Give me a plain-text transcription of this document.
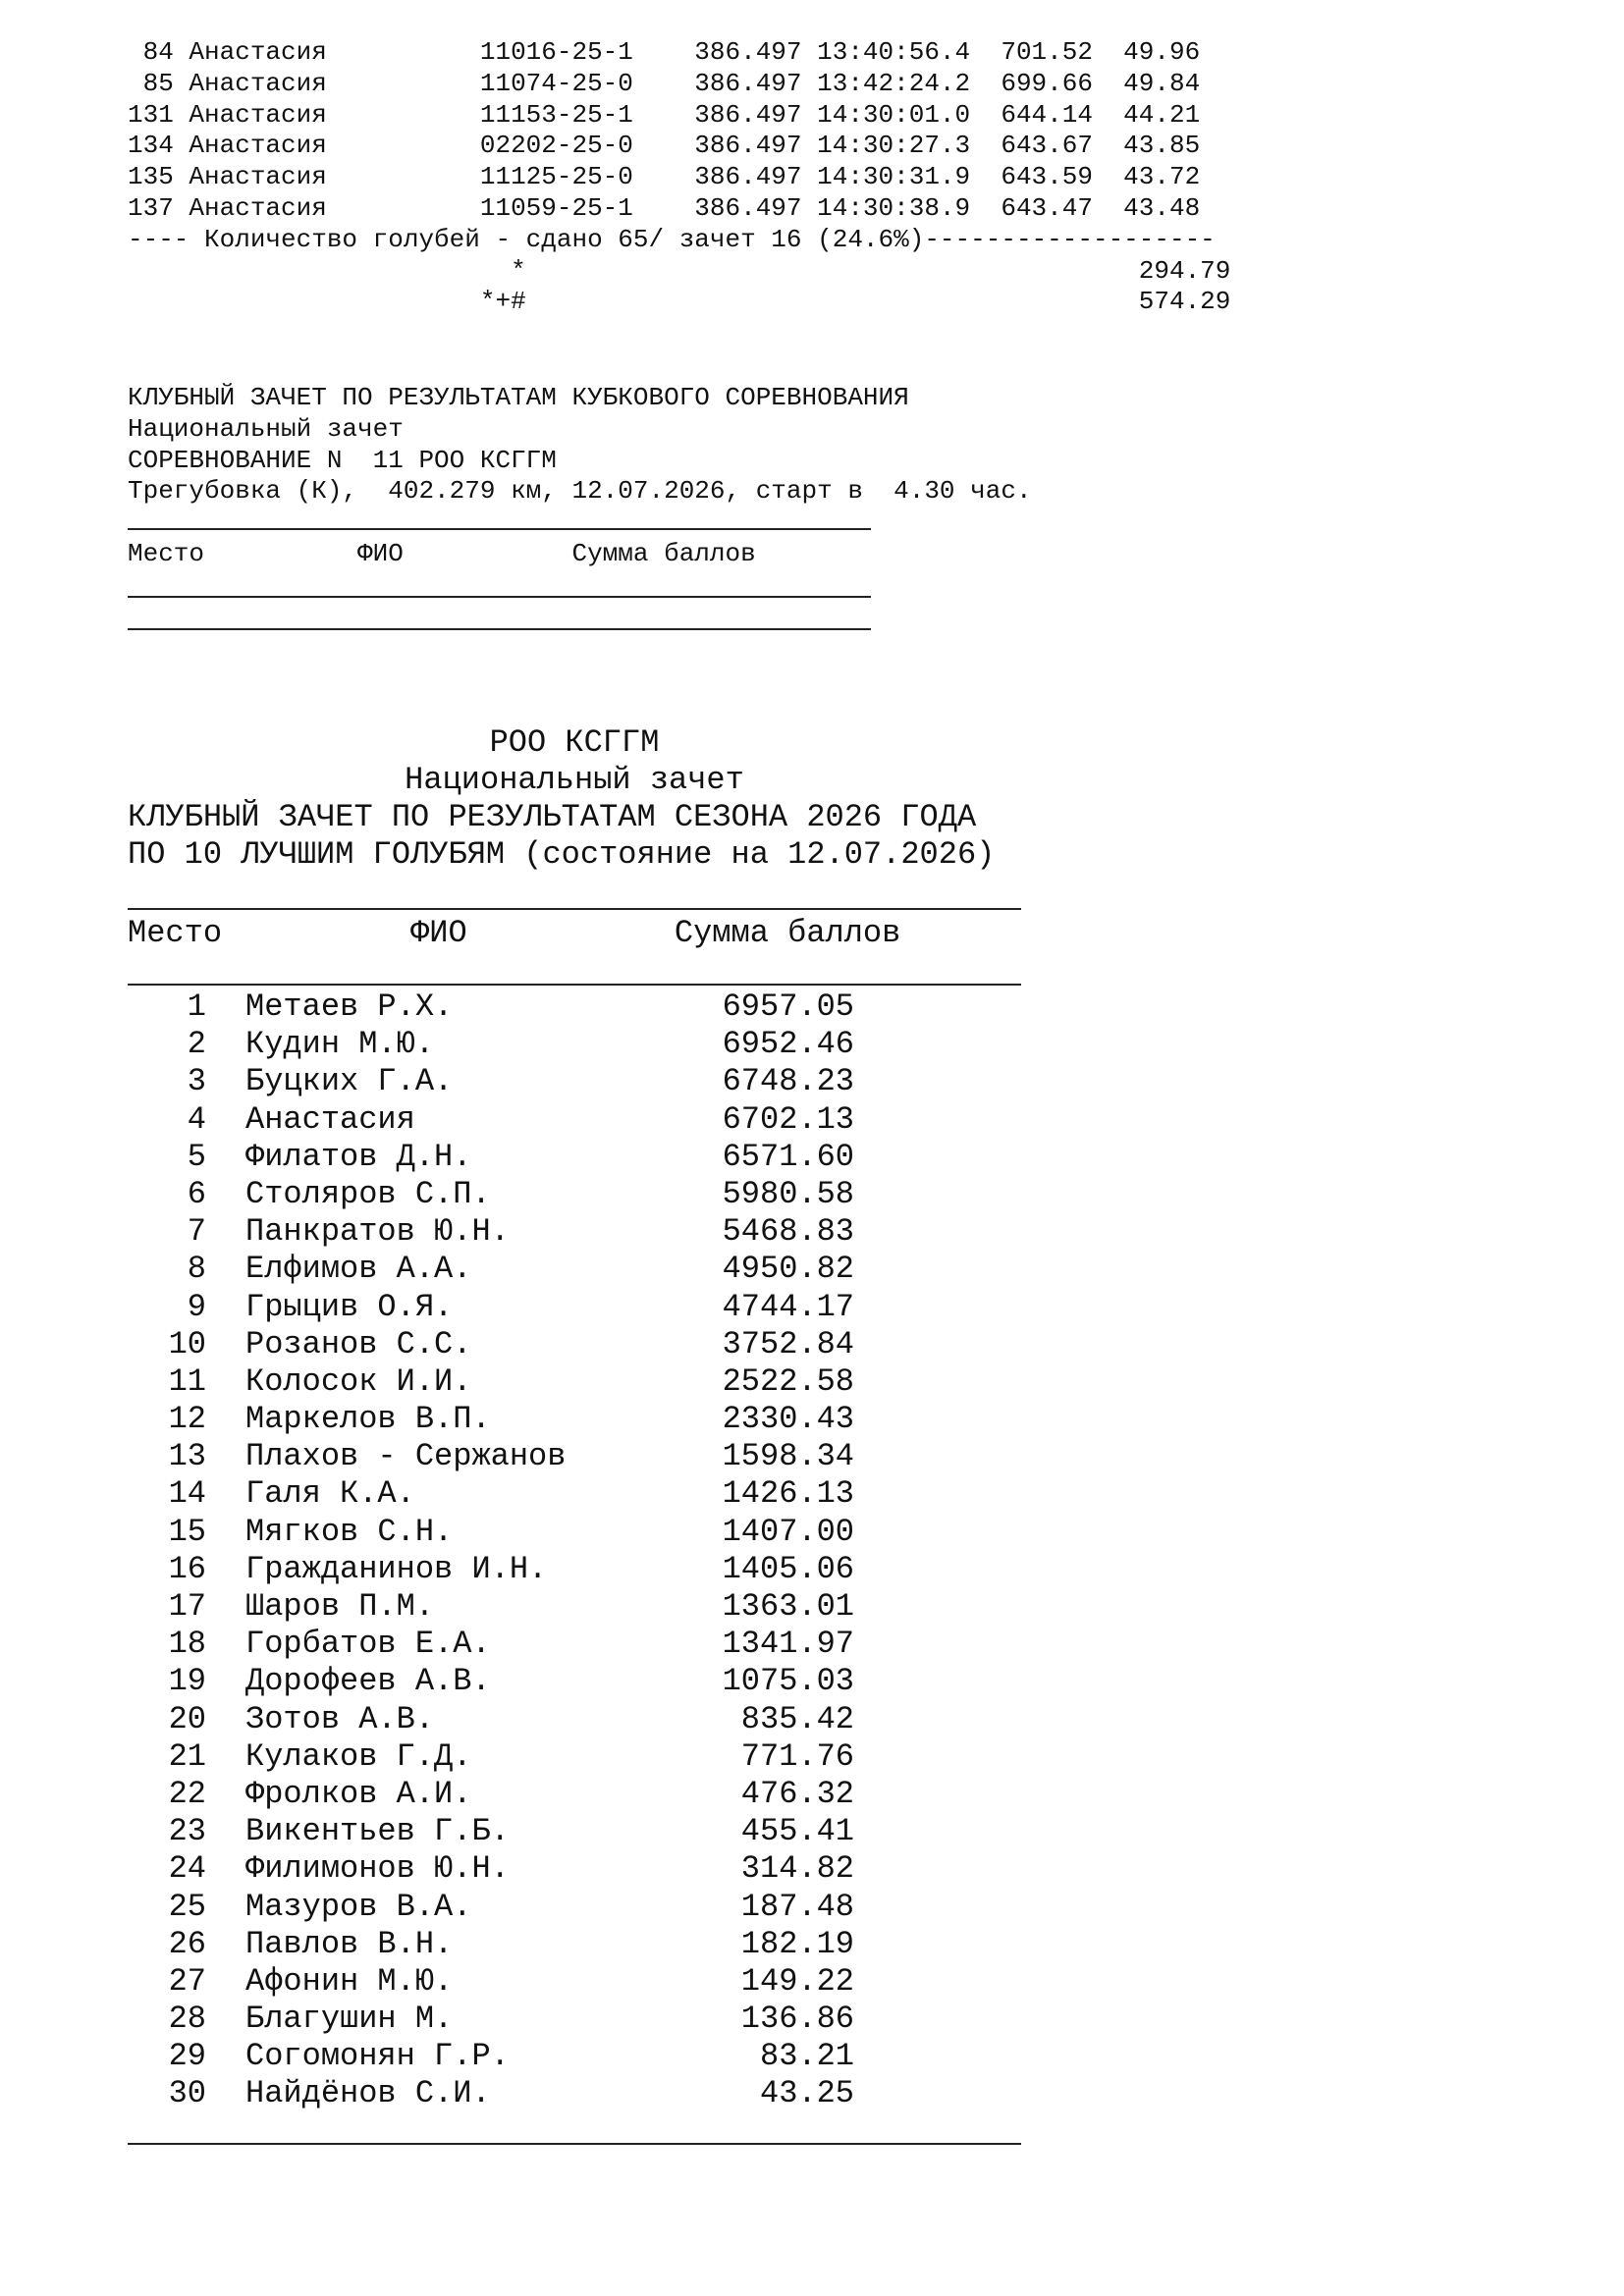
84 Анастасия          11016-25-1    386.497 13:40:56.4  701.52  49.96
85 Анастасия          11074-25-0    386.497 13:42:24.2  699.66  49.84
131 Анастасия          11153-25-1    386.497 14:30:01.0  644.14  44.21
134 Анастасия          02202-25-0    386.497 14:30:27.3  643.67  43.85
135 Анастасия          11125-25-0    386.497 14:30:31.9  643.59  43.72
137 Анастасия          11059-25-1    386.497 14:30:38.9  643.47  43.48
---- Количество голубей - сдано 65/ зачет 16 (24.6%)-------------------
*                                        294.79
*+#                                        574.29
КЛУБНЫЙ ЗАЧЕТ ПО РЕЗУЛЬТАТАМ КУБКОВОГО СОРЕВНОВАНИЯ
Национальный зачет
СОРЕВНОВАНИЕ N  11 РОО КСГГМ
Трегубовка (К),  402.279 км, 12.07.2026, старт в  4.30 час.
Место          ФИО           Сумма баллов
РОО КСГГМ
Национальный зачет
КЛУБНЫЙ ЗАЧЕТ ПО РЕЗУЛЬТАТАМ СЕЗОНА 2026 ГОДА
ПО 10 ЛУЧШИМ ГОЛУБЯМ (состояние на 12.07.2026)
Место          ФИО           Сумма баллов
1	Метаев Р.Х.	6957.05
2	Кудин М.Ю.	6952.46
3	Буцких Г.А.	6748.23
4	Анастасия	6702.13
5	Филатов Д.Н.	6571.60
6	Столяров С.П.	5980.58
7	Панкратов Ю.Н.	5468.83
8	Елфимов А.А.	4950.82
9	Грыцив О.Я.	4744.17
10	Розанов С.С.	3752.84
11	Колосок И.И.	2522.58
12	Маркелов В.П.	2330.43
13	Плахов - Сержанов	1598.34
14	Галя К.А.	1426.13
15	Мягков С.Н.	1407.00
16	Гражданинов И.Н.	1405.06
17	Шаров П.М.	1363.01
18	Горбатов Е.А.	1341.97
19	Дорофеев А.В.	1075.03
20	Зотов А.В.	835.42
21	Кулаков Г.Д.	771.76
22	Фролков А.И.	476.32
23	Викентьев Г.Б.	455.41
24	Филимонов Ю.Н.	314.82
25	Мазуров В.А.	187.48
26	Павлов В.Н.	182.19
27	Афонин М.Ю.	149.22
28	Благушин М.	136.86
29	Согомонян Г.Р.	83.21
30	Найдёнов С.И.	43.25
